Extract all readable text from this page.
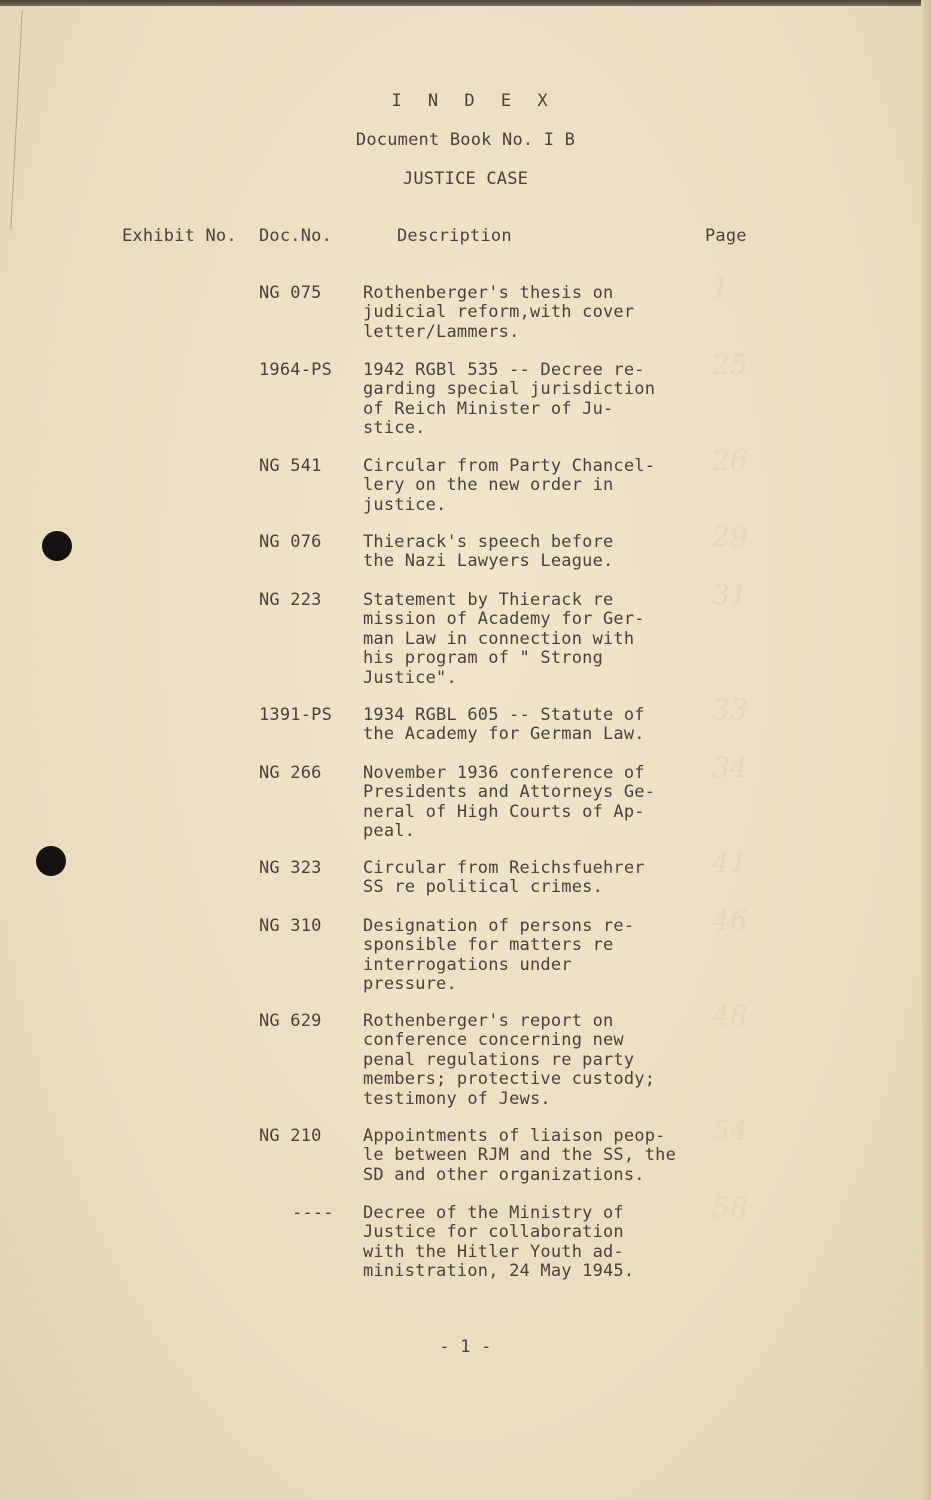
I N D E X
Document Book No. I B
JUSTICE CASE
Exhibit No. Doc.No.	Description	Page
NG 075 Rothenberger's thesis on
judicial reform,with cover
letter/Lammers.
1
1964-PS 1942 RGBl 535 -- Decree re-
garding special jurisdiction
of Reich Minister of Ju-
stice.
25
NG 541 Circular from Party Chancel-
lery on the new order in
justice.
26
NG 076 Thierack's speech before
the Nazi Lawyers League.
29
NG 223 Statement by Thierack re
mission of Academy for Ger-
man Law in connection with
his program of " Strong
Justice".
31
1391-PS 1934 RGBL 605 -- Statute of
the Academy for German Law.
33
NG 266 November 1936 conference of
Presidents and Attorneys Ge-
neral of High Courts of Ap-
peal.
34
NG 323 Circular from Reichsfuehrer
SS re political crimes.
41
NG 310 Designation of persons re-
sponsible for matters re
interrogations under
pressure.
46
NG 629 Rothenberger's report on
conference concerning new
penal regulations re party
members; protective custody;
testimony of Jews.
48
NG 210 Appointments of liaison peop-
le between RJM and the SS, the
SD and other organizations.
54
---- Decree of the Ministry of
Justice for collaboration
with the Hitler Youth ad-
ministration, 24 May 1945.
58
- 1 -
